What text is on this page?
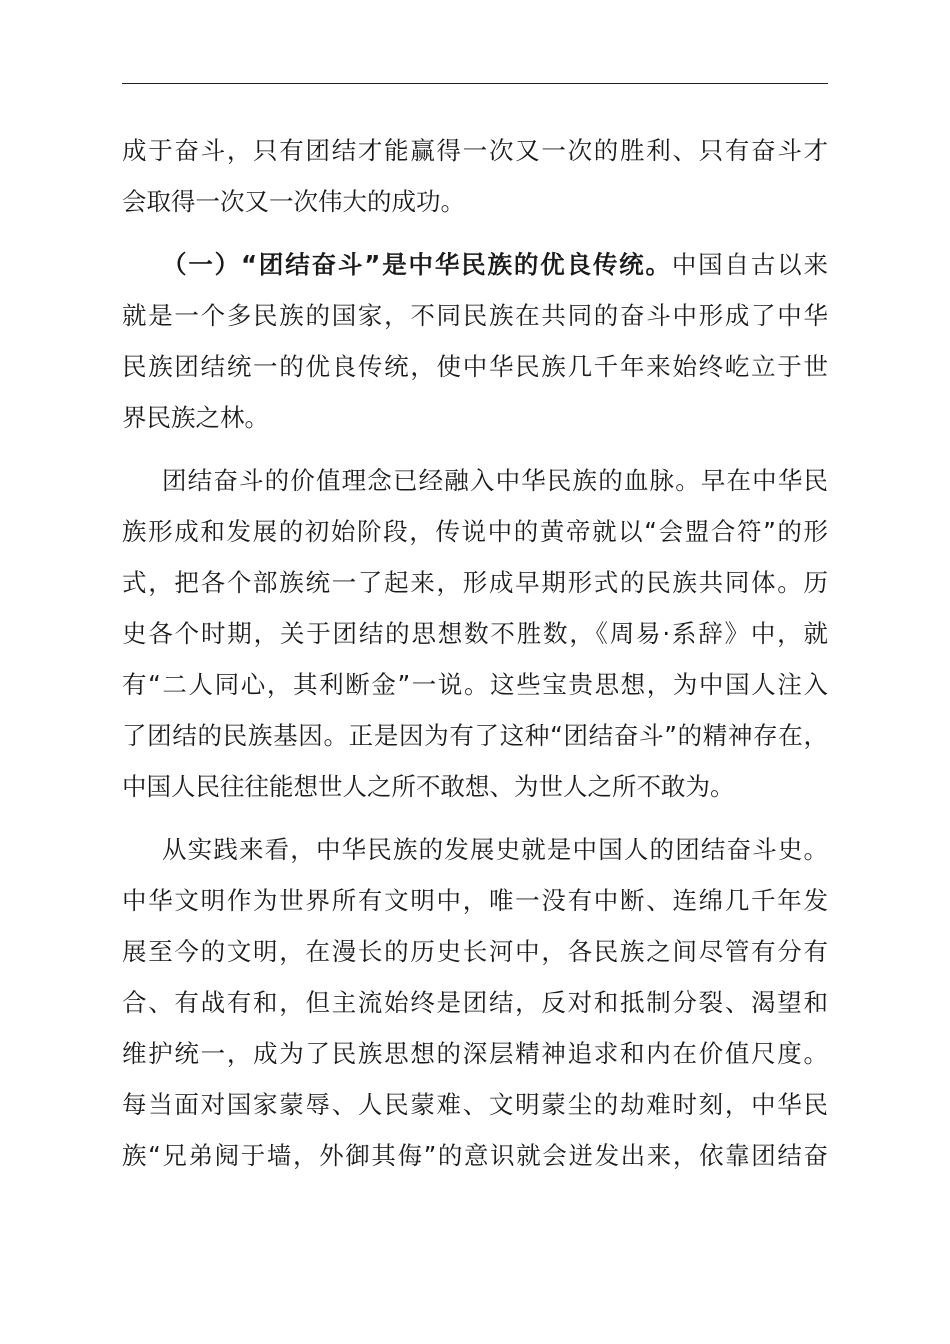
成于奋斗，只有团结才能赢得一次又一次的胜利、只有奋斗才
会取得一次又一次伟大的成功。
（一）“团结奋斗”是中华民族的优良传统。中国自古以来
就是一个多民族的国家，不同民族在共同的奋斗中形成了中华
民族团结统一的优良传统，使中华民族几千年来始终屹立于世
界民族之林。
团结奋斗的价值理念已经融入中华民族的血脉。早在中华民
族形成和发展的初始阶段，传说中的黄帝就以“会盟合符”的形
式，把各个部族统一了起来，形成早期形式的民族共同体。历
史各个时期，关于团结的思想数不胜数，《周易·系辞》中，就
有“二人同心，其利断金”一说。这些宝贵思想，为中国人注入
了团结的民族基因。正是因为有了这种“团结奋斗”的精神存在，
中国人民往往能想世人之所不敢想、为世人之所不敢为。
从实践来看，中华民族的发展史就是中国人的团结奋斗史。
中华文明作为世界所有文明中，唯一没有中断、连绵几千年发
展至今的文明，在漫长的历史长河中，各民族之间尽管有分有
合、有战有和，但主流始终是团结，反对和抵制分裂、渴望和
维护统一，成为了民族思想的深层精神追求和内在价值尺度。
每当面对国家蒙辱、人民蒙难、文明蒙尘的劫难时刻，中华民
族“兄弟阋于墙，外御其侮”的意识就会迸发出来，依靠团结奋
